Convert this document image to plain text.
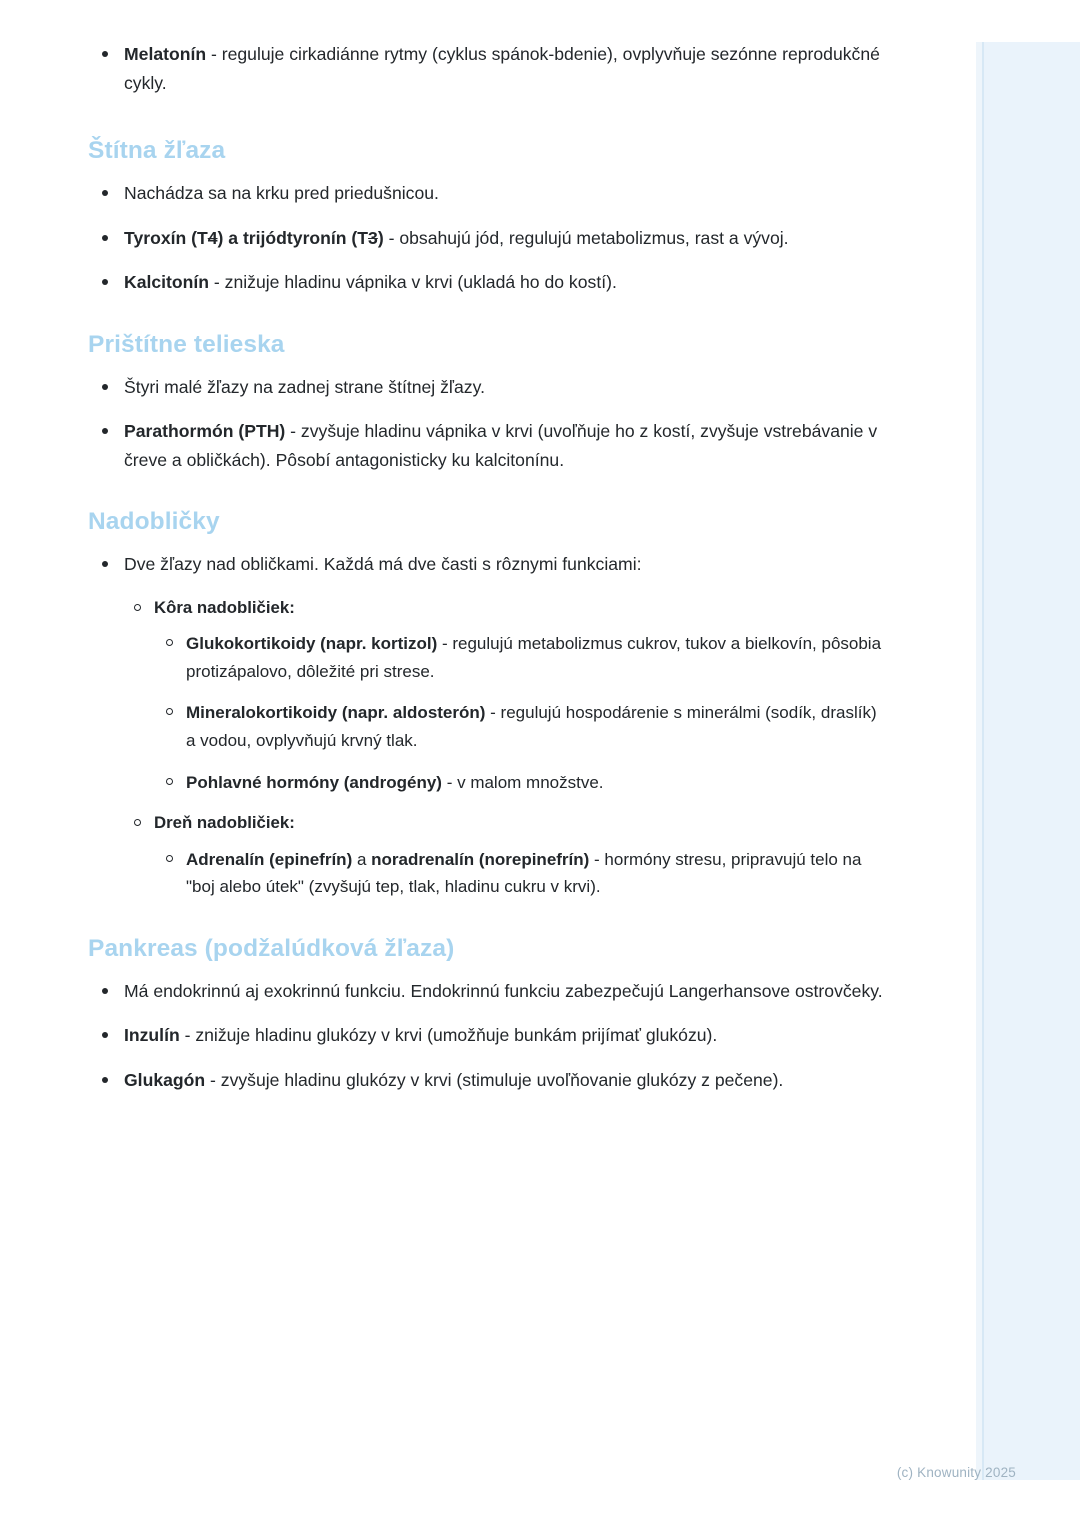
Melatonín - reguluje cirkadiánne rytmy (cyklus spánok-bdenie), ovplyvňuje sezónne reprodukčné cykly.
Štítna žľaza
Nachádza sa na krku pred priedušnicou.
Tyroxín (T4) a trijódtyronín (T3) - obsahujú jód, regulujú metabolizmus, rast a vývoj.
Kalcitonín - znižuje hladinu vápnika v krvi (ukladá ho do kostí).
Prištítne telieska
Štyri malé žľazy na zadnej strane štítnej žľazy.
Parathormón (PTH) - zvyšuje hladinu vápnika v krvi (uvoľňuje ho z kostí, zvyšuje vstrebávanie v čreve a obličkách). Pôsobí antagonisticky ku kalcitonínu.
Nadobličky
Dve žľazy nad obličkami. Každá má dve časti s rôznymi funkciami:
Kôra nadobličiek:
Glukokortikoidy (napr. kortizol) - regulujú metabolizmus cukrov, tukov a bielkovín, pôsobia protizápalovo, dôležité pri strese.
Mineralokortikoidy (napr. aldosterón) - regulujú hospodárenie s minerálmi (sodík, draslík) a vodou, ovplyvňujú krvný tlak.
Pohlavné hormóny (androgény) - v malom množstve.
Dreň nadobličiek:
Adrenalín (epinefrín) a noradrenalín (norepinefrín) - hormóny stresu, pripravujú telo na "boj alebo útek" (zvyšujú tep, tlak, hladinu cukru v krvi).
Pankreas (podžalúdková žľaza)
Má endokrinnú aj exokrinnú funkciu. Endokrinnú funkciu zabezpečujú Langerhansove ostrovčeky.
Inzulín - znižuje hladinu glukózy v krvi (umožňuje bunkám prijímať glukózu).
Glukagón - zvyšuje hladinu glukózy v krvi (stimuluje uvoľňovanie glukózy z pečene).
(c) Knowunity 2025
